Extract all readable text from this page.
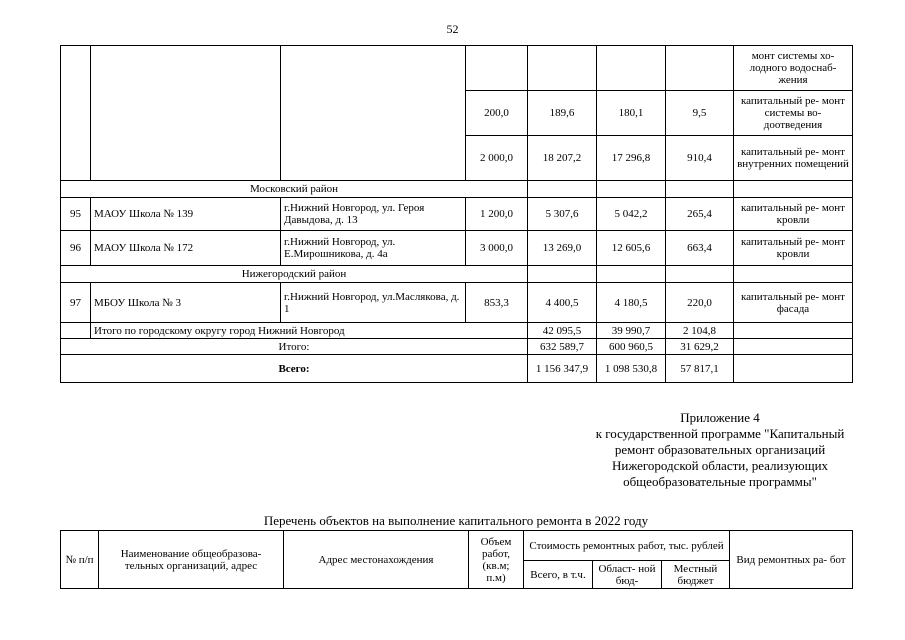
52
							монт системы хо- лодного водоснаб- жения
			200,0	189,6	180,1	9,5	капитальный ре- монт системы во- доотведения
			2 000,0	18 207,2	17 296,8	910,4	капитальный ре- монт внутренних помещений
Московский район							
95	МАОУ Школа № 139	г.Нижний Новгород, ул. Героя Давыдова, д. 13	1 200,0	5 307,6	5 042,2	265,4	капитальный ре- монт кровли
96	МАОУ Школа № 172	г.Нижний Новгород, ул. Е.Мирошникова, д. 4а	3 000,0	13 269,0	12 605,6	663,4	капитальный ре- монт кровли
Нижегородский район							
97	МБОУ Школа № 3	г.Нижний Новгород, ул.Маслякова, д. 1	853,3	4 400,5	4 180,5	220,0	капитальный ре- монт фасада
	Итого по городскому округу город Нижний Новгород			42 095,5	39 990,7	2 104,8	
Итого:				632 589,7	600 960,5	31 629,2	
Всего:				1 156 347,9	1 098 530,8	57 817,1	
Приложение 4
к государственной программе "Капитальный
ремонт образовательных организаций
Нижегородской области, реализующих
общеобразовательные программы"
Перечень объектов на выполнение капитального ремонта в 2022 году
№ п/п	Наименование общеобразова- тельных организаций, адрес	Адрес местонахождения	Объем работ, (кв.м; п.м)	Стоимость ремонтных работ, тыс. рублей			Вид ремонтных ра- бот
				Всего, в т.ч.	Област- ной бюд-	Местный бюджет	
